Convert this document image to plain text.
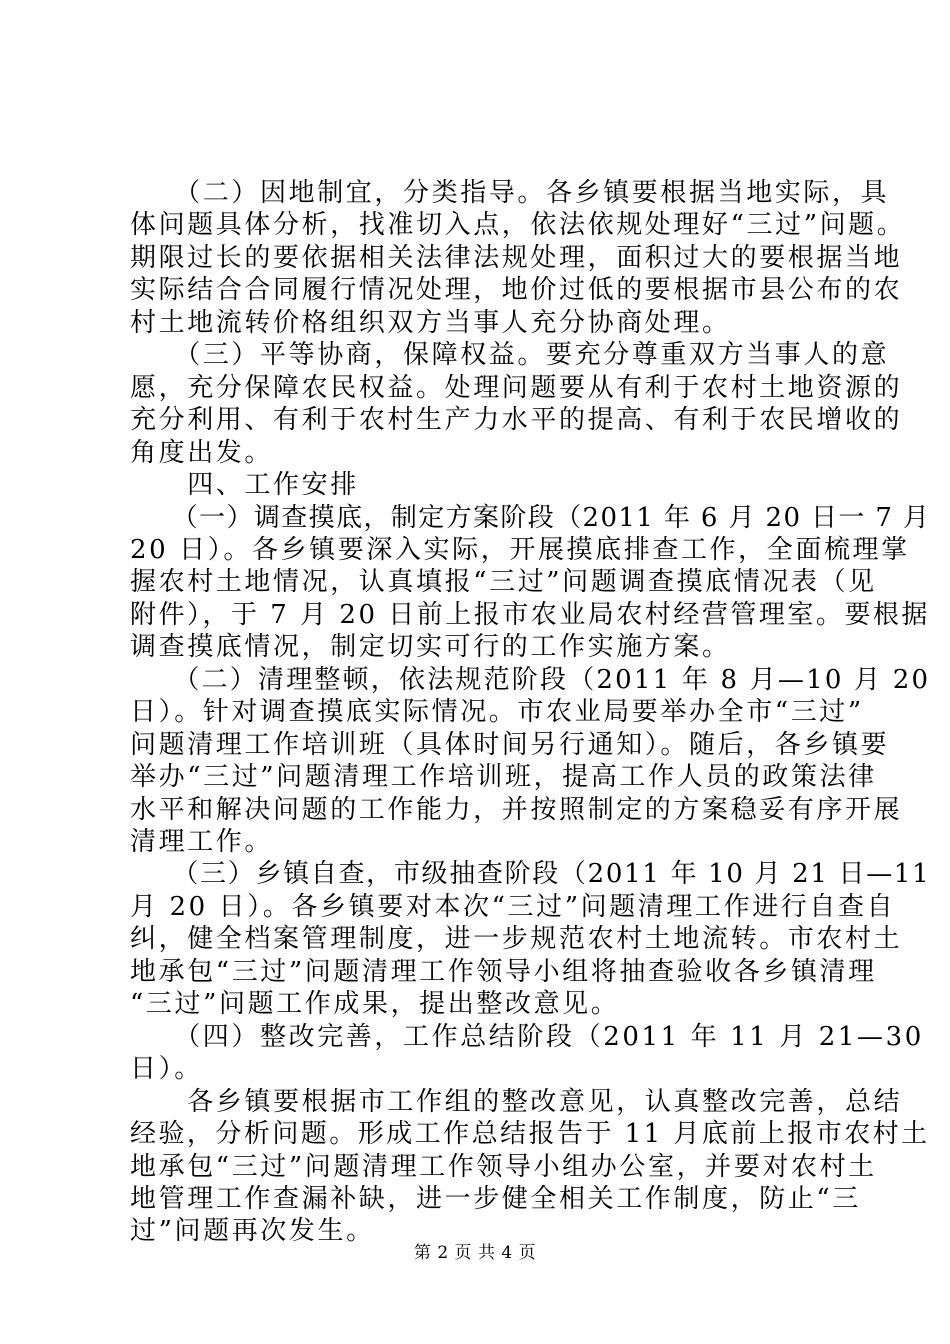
　　（二）因地制宜，分类指导。各乡镇要根据当地实际，具
体问题具体分析，找准切入点，依法依规处理好“三过”问题。
期限过长的要依据相关法律法规处理，面积过大的要根据当地
实际结合合同履行情况处理，地价过低的要根据市县公布的农
村土地流转价格组织双方当事人充分协商处理。
　　（三）平等协商，保障权益。要充分尊重双方当事人的意
愿，充分保障农民权益。处理问题要从有利于农村土地资源的
充分利用、有利于农村生产力水平的提高、有利于农民增收的
角度出发。
　　四、工作安排
　　（一）调查摸底，制定方案阶段（2011 年 6 月 20 日一 7 月
20 日）。各乡镇要深入实际，开展摸底排查工作，全面梳理掌
握农村土地情况，认真填报“三过”问题调查摸底情况表（见
附件），于 7 月 20 日前上报市农业局农村经营管理室。要根据
调查摸底情况，制定切实可行的工作实施方案。
　　（二）清理整顿，依法规范阶段（2011 年 8 月—10 月 20
日）。针对调查摸底实际情况。市农业局要举办全市“三过”
问题清理工作培训班（具体时间另行通知）。随后，各乡镇要
举办“三过”问题清理工作培训班，提高工作人员的政策法律
水平和解决问题的工作能力，并按照制定的方案稳妥有序开展
清理工作。
　　（三）乡镇自查，市级抽查阶段（2011 年 10 月 21 日—11
月 20 日）。各乡镇要对本次“三过”问题清理工作进行自查自
纠，健全档案管理制度，进一步规范农村土地流转。市农村土
地承包“三过”问题清理工作领导小组将抽查验收各乡镇清理
“三过”问题工作成果，提出整改意见。
　　（四）整改完善，工作总结阶段（2011 年 11 月 21—30
日）。
　　各乡镇要根据市工作组的整改意见，认真整改完善，总结
经验，分析问题。形成工作总结报告于 11 月底前上报市农村土
地承包“三过”问题清理工作领导小组办公室，并要对农村土
地管理工作查漏补缺，进一步健全相关工作制度，防止“三
过”问题再次发生。
第 2 页 共 4 页
